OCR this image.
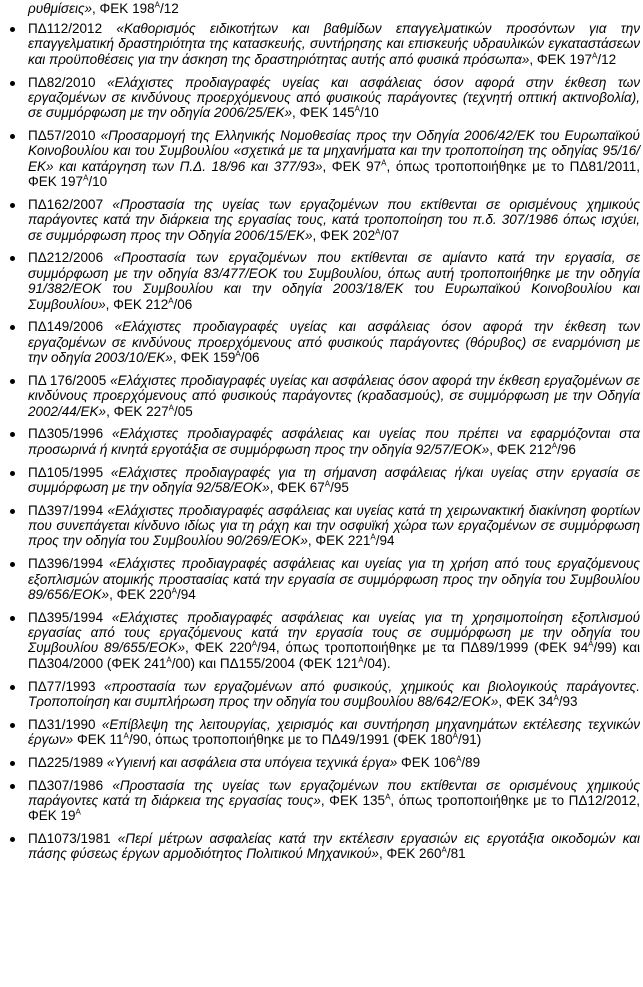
ρυθμίσεις», ΦΕΚ $198^A/12$

ΠΔ112/2012 «Καθορισμός ειδικοτήτων και βαθμίδων επαγγελματικών προσόντων για την επαγγελματική δραστηριότητα της κατασκευής, συντήρησης και επισκευής υδραυλικών εγκαταστάσεων και προϋποθέσεις για την άσκηση της δραστηριότητας αυτής από φυσικά πρόσωπα», ΦΕΚ $197^A/12$
ΠΔ82/2010 «Ελάχιστες προδιαγραφές υγείας και ασφάλειας όσον αφορά στην έκθεση των εργαζομένων σε κινδύνους προερχόμενους από φυσικούς παράγοντες (τεχνητή οπτική ακτινοβολία), σε συμμόρφωση με την οδηγία 2006/25/ΕΚ», ΦΕΚ $145^A/10$
ΠΔ57/2010 «Προσαρμογή της Ελληνικής Νομοθεσίας προς την Οδηγία 2006/42/ΕΚ του Ευρωπαϊκού Κοινοβουλίου και του Συμβουλίου «σχετικά με τα μηχανήματα και την τροποποίηση της οδηγίας 95/16/ΕΚ» και κατάργηση των Π.Δ. 18/96 και 377/93», ΦΕΚ $97^A$, όπως τροποποιήθηκε με το ΠΔ81/2011, ΦΕΚ $197^A/10$
ΠΔ162/2007 «Προστασία της υγείας των εργαζομένων που εκτίθενται σε ορισμένους χημικούς παράγοντες κατά την διάρκεια της εργασίας τους, κατά τροποποίηση του π.δ. 307/1986 όπως ισχύει, σε συμμόρφωση προς την Οδηγία 2006/15/ΕΚ», ΦΕΚ $202^A/07$
ΠΔ212/2006 «Προστασία των εργαζομένων που εκτίθενται σε αμίαντο κατά την εργασία, σε συμμόρφωση με την οδηγία 83/477/ΕΟΚ του Συμβουλίου, όπως αυτή τροποποιήθηκε με την οδηγία 91/382/ΕΟΚ του Συμβουλίου και την οδηγία 2003/18/ΕΚ του Ευρωπαϊκού Κοινοβουλίου και Συμβουλίου», ΦΕΚ $212^A/06$
ΠΔ149/2006 «Ελάχιστες προδιαγραφές υγείας και ασφάλειας όσον αφορά την έκθεση των εργαζομένων σε κινδύνους προερχόμενους από φυσικούς παράγοντες (θόρυβος) σε εναρμόνιση με την οδηγία 2003/10/ΕΚ», ΦΕΚ $159^A/06$
ΠΔ 176/2005 «Ελάχιστες προδιαγραφές υγείας και ασφάλειας όσον αφορά την έκθεση εργαζομένων σε κινδύνους προερχόμενους από φυσικούς παράγοντες (κραδασμούς), σε συμμόρφωση με την Οδηγία 2002/44/ΕΚ», ΦΕΚ $227^A/05$
ΠΔ305/1996 «Ελάχιστες προδιαγραφές ασφάλειας και υγείας που πρέπει να εφαρμόζονται στα προσωρινά ή κινητά εργοτάξια σε συμμόρφωση προς την οδηγία 92/57/ΕΟΚ», ΦΕΚ $212^A/96$
ΠΔ105/1995 «Ελάχιστες προδιαγραφές για τη σήμανση ασφάλειας ή/και υγείας στην εργασία σε συμμόρφωση με την οδηγία 92/58/ΕΟΚ», ΦΕΚ $67^A/95$
ΠΔ397/1994 «Ελάχιστες προδιαγραφές ασφάλειας και υγείας κατά τη χειρωνακτική διακίνηση φορτίων που συνεπάγεται κίνδυνο ιδίως για τη ράχη και την οσφυϊκή χώρα των εργαζομένων σε συμμόρφωση προς την οδηγία του Συμβουλίου 90/269/ΕΟΚ», ΦΕΚ $221^A/94$
ΠΔ396/1994 «Ελάχιστες προδιαγραφές ασφάλειας και υγείας για τη χρήση από τους εργαζόμενους εξοπλισμών ατομικής προστασίας κατά την εργασία σε συμμόρφωση προς την οδηγία του Συμβουλίου 89/656/ΕΟΚ», ΦΕΚ $220^A/94$
ΠΔ395/1994 «Ελάχιστες προδιαγραφές ασφάλειας και υγείας για τη χρησιμοποίηση εξοπλισμού εργασίας από τους εργαζόμενους κατά την εργασία τους σε συμμόρφωση με την οδηγία του Συμβουλίου 89/655/ΕΟΚ», ΦΕΚ $220^A/94$, όπως τροποποιήθηκε με τα ΠΔ89/1999 (ΦΕΚ $94^A/99$) και ΠΔ304/2000 (ΦΕΚ $241^A/00$) και ΠΔ155/2004 (ΦΕΚ $121^A/04$).
ΠΔ77/1993 «προστασία των εργαζομένων από φυσικούς, χημικούς και βιολογικούς παράγοντες. Τροποποίηση και συμπλήρωση προς την οδηγία του συμβουλίου 88/642/ΕΟΚ», ΦΕΚ $34^A/93$
ΠΔ31/1990 «Επίβλεψη της λειτουργίας, χειρισμός και συντήρηση μηχανημάτων εκτέλεσης τεχνικών έργων» ΦΕΚ $11^A/90$, όπως τροποποιήθηκε με το ΠΔ49/1991 (ΦΕΚ $180^A/91$)
ΠΔ225/1989 «Υγιεινή και ασφάλεια στα υπόγεια τεχνικά έργα» ΦΕΚ $106^A/89$
ΠΔ307/1986 «Προστασία της υγείας των εργαζομένων που εκτίθενται σε ορισμένους χημικούς παράγοντες κατά τη διάρκεια της εργασίας τους», ΦΕΚ $135^A$, όπως τροποποιήθηκε με το ΠΔ12/2012, ΦΕΚ $19^A$
ΠΔ1073/1981 «Περί μέτρων ασφαλείας κατά την εκτέλεσιν εργασιών εις εργοτάξια οικοδομών και πάσης φύσεως έργων αρμοδιότητος Πολιτικού Μηχανικού», ΦΕΚ $260^A/81$
